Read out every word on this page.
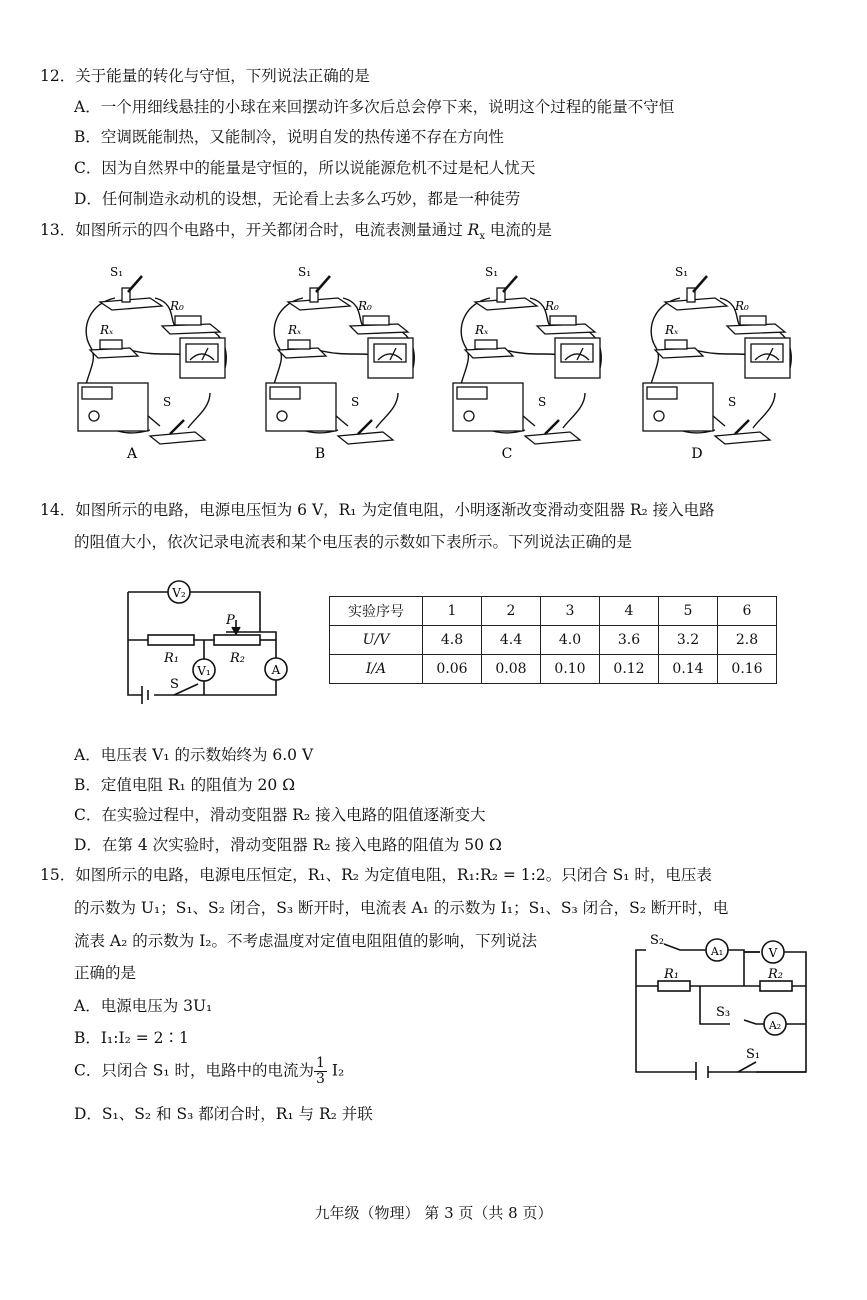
12．关于能量的转化与守恒，下列说法正确的是
A．一个用细线悬挂的小球在来回摆动许多次后总会停下来，说明这个过程的能量不守恒
B．空调既能制热，又能制冷，说明自发的热传递不存在方向性
C．因为自然界中的能量是守恒的，所以说能源危机不过是杞人忧天
D．任何制造永动机的设想，无论看上去多么巧妙，都是一种徒劳
13．如图所示的四个电路中，开关都闭合时，电流表测量通过 $R_x$ 电流的是
S₁
R₀
Rₓ
S
A
S₁
R₀
Rₓ
S
B
S₁
R₀
Rₓ
S
C
S₁
R₀
Rₓ
S
D
14．如图所示的电路，电源电压恒为 6 V，R₁ 为定值电阻，小明逐渐改变滑动变阻器 R₂ 接入电路
的阻值大小，依次记录电流表和某个电压表的示数如下表所示。下列说法正确的是
V₂
V₁	A
R₁	R₂
P
S
实验序号	1	2	3	4	5	6
U/V	4.8	4.4	4.0	3.6	3.2	2.8
I/A	0.06	0.08	0.10	0.12	0.14	0.16
A．电压表 V₁ 的示数始终为 6.0 V
B．定值电阻 R₁ 的阻值为 20 Ω
C．在实验过程中，滑动变阻器 R₂ 接入电路的阻值逐渐变大
D．在第 4 次实验时，滑动变阻器 R₂ 接入电路的阻值为 50 Ω
15．如图所示的电路，电源电压恒定，R₁、R₂ 为定值电阻，R₁:R₂ = 1:2。只闭合 S₁ 时，电压表
的示数为 U₁；S₁、S₂ 闭合，S₃ 断开时，电流表 A₁ 的示数为 I₁；S₁、S₃ 闭合，S₂ 断开时，电
流表 A₂ 的示数为 I₂。不考虑温度对定值电阻阻值的影响，下列说法
正确的是
A₁	V
A₂
S₂
R₁	R₂
S₃
S₁
A．电源电压为 3U₁
B．I₁:I₂ = 2∶1
C．只闭合 S₁ 时，电路中的电流为 $\frac{1}{3} I_2$
D．S₁、S₂ 和 S₃ 都闭合时，R₁ 与 R₂ 并联
九年级（物理） 第 3 页（共 8 页）
